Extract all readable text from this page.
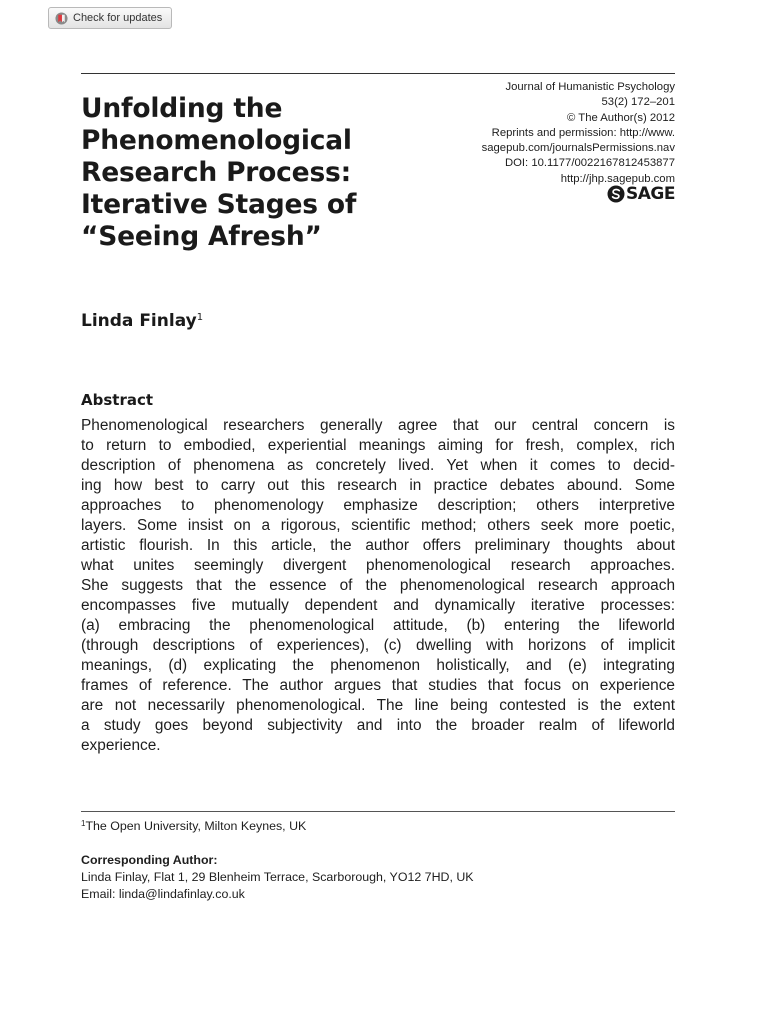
Check for updates
Unfolding the
Phenomenological
Research Process:
Iterative Stages of
“Seeing Afresh”
Journal of Humanistic Psychology
53(2) 172–201
© The Author(s) 2012
Reprints and permission: http://www.
sagepub.com/journalsPermissions.nav
DOI: 10.1177/0022167812453877
http://jhp.sagepub.com
SAGE
Linda Finlay$^1$
Abstract
Phenomenological researchers generally agree that our central concern is
to return to embodied, experiential meanings aiming for fresh, complex, rich
description of phenomena as concretely lived. Yet when it comes to decid-
ing how best to carry out this research in practice debates abound. Some
approaches to phenomenology emphasize description; others interpretive
layers. Some insist on a rigorous, scientific method; others seek more poetic,
artistic flourish. In this article, the author offers preliminary thoughts about
what unites seemingly divergent phenomenological research approaches.
She suggests that the essence of the phenomenological research approach
encompasses five mutually dependent and dynamically iterative processes:
(a) embracing the phenomenological attitude, (b) entering the lifeworld
(through descriptions of experiences), (c) dwelling with horizons of implicit
meanings, (d) explicating the phenomenon holistically, and (e) integrating
frames of reference. The author argues that studies that focus on experience
are not necessarily phenomenological. The line being contested is the extent
a study goes beyond subjectivity and into the broader realm of lifeworld
experience.
$^1$The Open University, Milton Keynes, UK
Corresponding Author:
Linda Finlay, Flat 1, 29 Blenheim Terrace, Scarborough, YO12 7HD, UK
Email: linda@lindafinlay.co.uk
